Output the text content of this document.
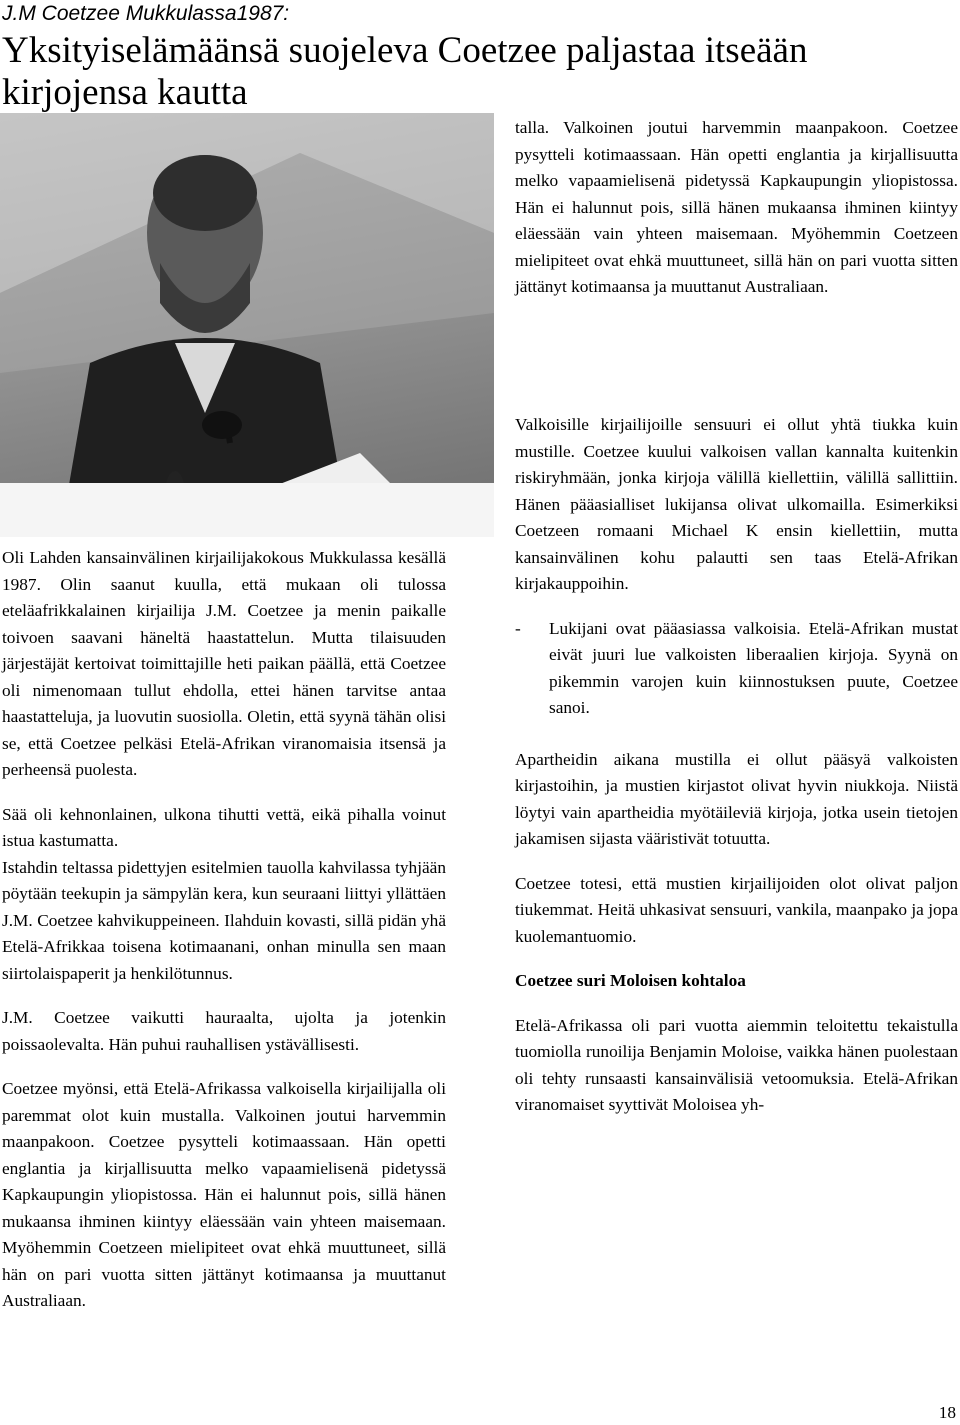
J.M Coetzee Mukkulassa1987:
Yksityiselämäänsä suojeleva Coetzee paljastaa itseään kirjojensa kautta

Oli Lahden kansainvälinen kirjailijakokous Mukkulassa kesällä 1987. Olin saanut kuulla, että mukaan oli tulossa eteläafrikkalainen kirjailija J.M. Coetzee ja menin paikalle toivoen saavani häneltä haastattelun. Mutta tilaisuuden järjestäjät kertoivat toimittajille heti paikan päällä, että Coetzee oli nimenomaan tullut ehdolla, ettei hänen tarvitse antaa haastatteluja, ja luovutin suosiolla. Oletin, että syynä tähän olisi se, että Coetzee pelkäsi Etelä-Afrikan viranomaisia itsensä ja perheensä puolesta.

Sää oli kehnonlainen, ulkona tihutti vettä, eikä pihalla voinut istua kastumatta.

Istahdin teltassa pidettyjen esitelmien tauolla kahvilassa tyhjään pöytään teekupin ja sämpylän kera, kun seuraani liittyi yllättäen J.M. Coetzee kahvikuppeineen. Ilahduin kovasti, sillä pidän yhä Etelä-Afrikkaa toisena kotimaanani, onhan minulla sen maan siirtolaispaperit ja henkilötunnus.

J.M. Coetzee vaikutti hauraalta, ujolta ja jotenkin poissaolevalta. Hän puhui rauhallisen ystävällisesti.

Coetzee myönsi, että Etelä-Afrikassa valkoisella kirjailijalla oli paremmat olot kuin mustalla. Valkoinen joutui harvemmin maanpakoon. Coetzee pysytteli kotimaassaan. Hän opetti englantia ja kirjallisuutta melko vapaamielisenä pidetyssä Kapkaupungin yliopistossa. Hän ei halunnut pois, sillä hänen mukaansa ihminen kiintyy eläessään vain yhteen maisemaan. Myöhemmin Coetzeen mielipiteet ovat ehkä muuttuneet, sillä hän on pari vuotta sitten jättänyt kotimaansa ja muuttanut Australiaan.

talla. Valkoinen joutui harvemmin maanpakoon. Coetzee pysytteli kotimaassaan. Hän opetti englantia ja kirjallisuutta melko vapaamielisenä pidetyssä Kapkaupungin yliopistossa. Hän ei halunnut pois, sillä hänen mukaansa ihminen kiintyy eläessään vain yhteen maisemaan. Myöhemmin Coetzeen mielipiteet ovat ehkä muuttuneet, sillä hän on pari vuotta sitten jättänyt kotimaansa ja muuttanut Australiaan.

Valkoisille kirjailijoille sensuuri ei ollut yhtä tiukka kuin mustille. Coetzee kuului valkoisen vallan kannalta kuitenkin riskiryhmään, jonka kirjoja välillä kiellettiin, välillä sallittiin. Hänen pääasialliset lukijansa olivat ulkomailla. Esimerkiksi Coetzeen romaani Michael K ensin kiellettiin, mutta kansainvälinen kohu palautti sen taas Etelä-Afrikan kirjakauppoihin.

-	Lukijani ovat pääasiassa valkoisia. Etelä-Afrikan mustat eivät juuri lue valkoisten liberaalien kirjoja. Syynä on pikemmin varojen kuin kiinnostuksen puute, Coetzee sanoi.

Apartheidin aikana mustilla ei ollut pääsyä valkoisten kirjastoihin, ja mustien kirjastot olivat hyvin niukkoja. Niistä löytyi vain apartheidia myötäileviä kirjoja, jotka usein tietojen jakamisen sijasta vääristivät totuutta.

Coetzee totesi, että mustien kirjailijoiden olot olivat paljon tiukemmat. Heitä uhkasivat sensuuri, vankila, maanpako ja jopa kuolemantuomio.

Coetzee suri Moloisen kohtaloa

Etelä-Afrikassa oli pari vuotta aiemmin teloitettu tekaistulla tuomiolla runoilija Benjamin Moloise, vaikka hänen puolestaan oli tehty runsaasti kansainvälisiä vetoomuksia. Etelä-Afrikan viranomaiset syyttivät Moloisea yh-

18
